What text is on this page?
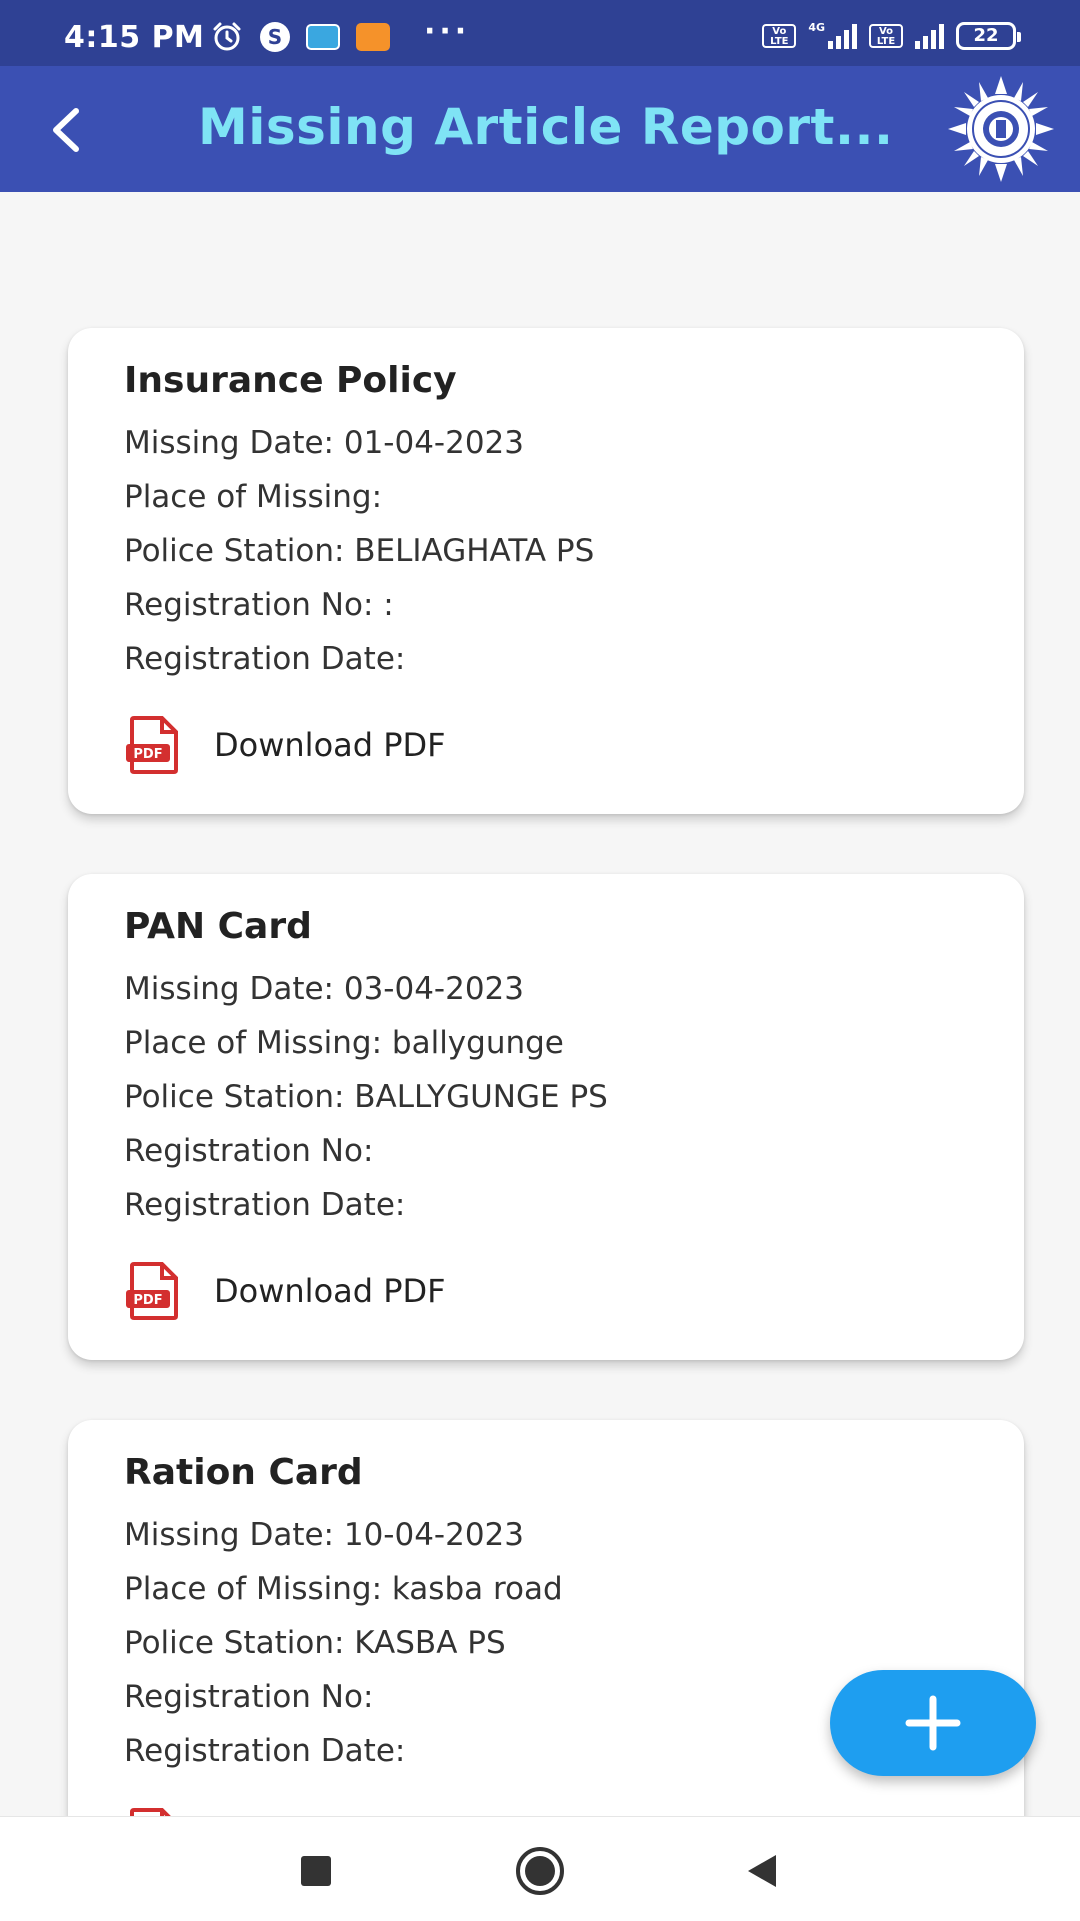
4:15 PM	S	···	Vo LTE
4G	Vo LTE	22
Missing Article Report...
Insurance Policy
Missing Date: 01-04-2023
Place of Missing:
Police Station: BELIAGHATA PS
Registration No: :
Registration Date:
PDF Download PDF
PAN Card
Missing Date: 03-04-2023
Place of Missing: ballygunge
Police Station: BALLYGUNGE PS
Registration No:
Registration Date:
PDF Download PDF
Ration Card
Missing Date: 10-04-2023
Place of Missing: kasba road
Police Station: KASBA PS
Registration No:
Registration Date:
